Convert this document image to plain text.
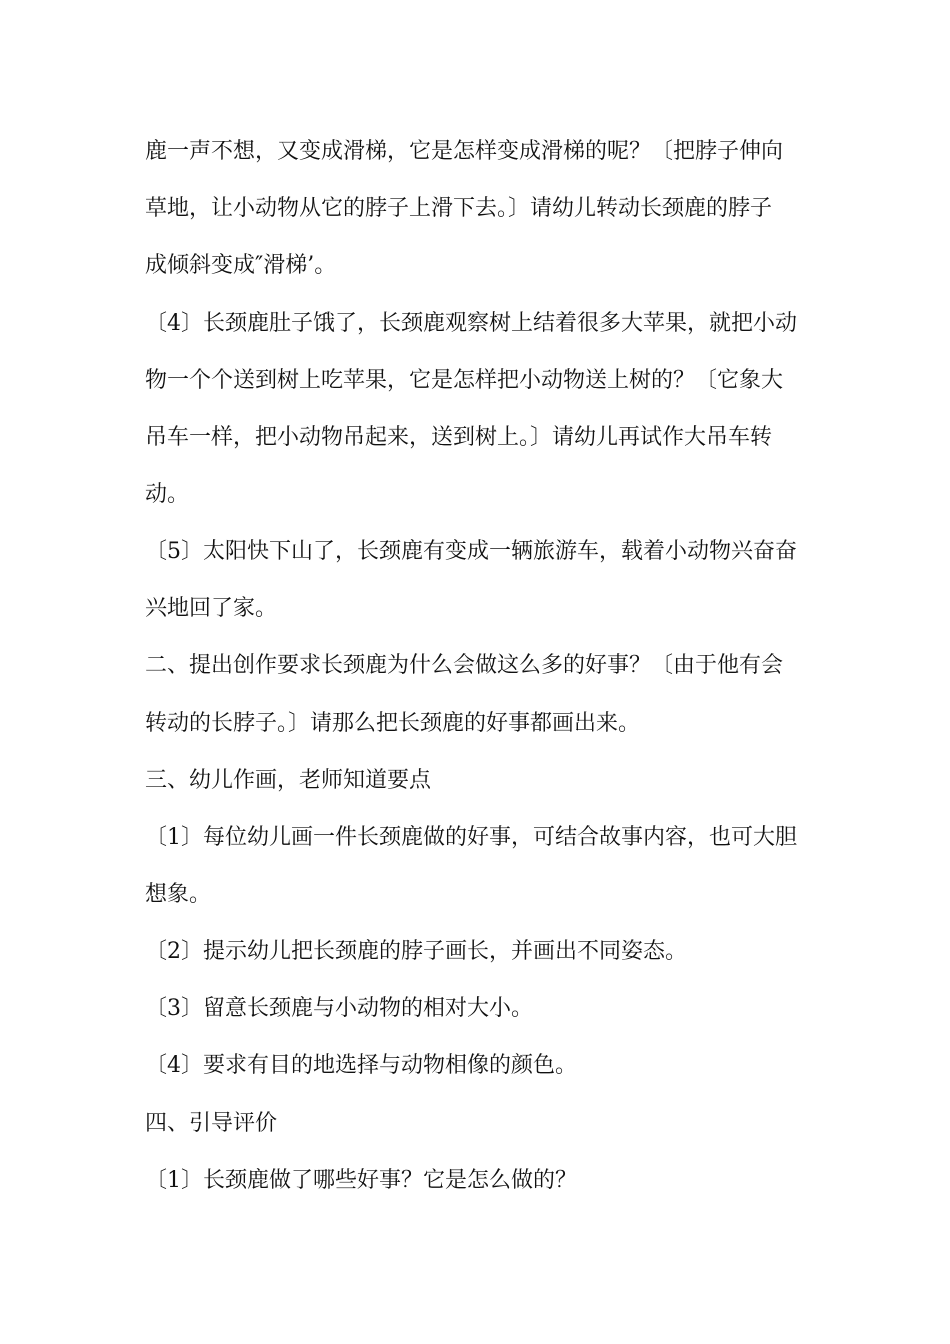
鹿一声不想，又变成滑梯，它是怎样变成滑梯的呢？〔把脖子伸向

草地，让小动物从它的脖子上滑下去。〕请幼儿转动长颈鹿的脖子

成倾斜变成″滑梯’。

〔4〕长颈鹿肚子饿了，长颈鹿观察树上结着很多大苹果，就把小动

物一个个送到树上吃苹果，它是怎样把小动物送上树的？〔它象大

吊车一样，把小动物吊起来，送到树上。〕请幼儿再试作大吊车转

动。

〔5〕太阳快下山了，长颈鹿有变成一辆旅游车，载着小动物兴奋奋

兴地回了家。

二、提出创作要求长颈鹿为什么会做这么多的好事？〔由于他有会

转动的长脖子。〕请那么把长颈鹿的好事都画出来。

三、幼儿作画，老师知道要点

〔1〕每位幼儿画一件长颈鹿做的好事，可结合故事内容，也可大胆

想象。

〔2〕提示幼儿把长颈鹿的脖子画长，并画出不同姿态。

〔3〕留意长颈鹿与小动物的相对大小。

〔4〕要求有目的地选择与动物相像的颜色。

四、引导评价

〔1〕长颈鹿做了哪些好事？它是怎么做的？
